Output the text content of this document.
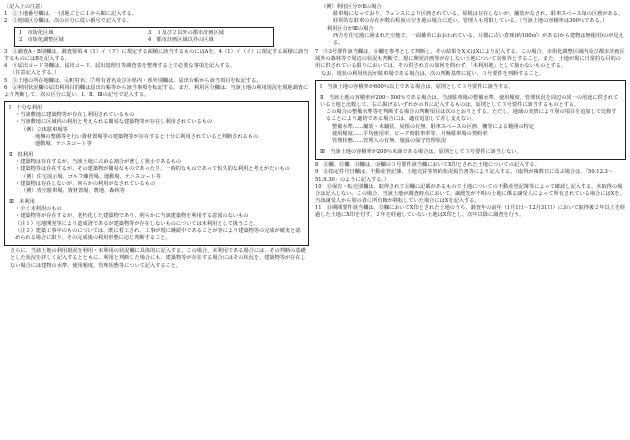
〔記入上の注意〕

1　①土地番号欄は、一団地ごとに１から順に記入する。

2　②地域区分欄は、次の区分に従い番号で記入する。

1　市街化区域	3　１及び２以外の都市計画区域
2　市街化調整区域	4　都市計画区域以外の区域

3　③調査A・B別欄は、調査要領 4（1）イ（ア）に規定する面積に該当するものにはAを、4（1）イ（イ）に規定する面積に該当するものにはBを記入する。

4　④届出コード等欄は、届出コード、届出処理日等調査表を整理する上で必要な事項を記入する。

（任意記入とする。）

5　⑤土地の所在地欄は、⑥町村名、⑦所有者名及び⑧県内・県外別欄は、届出台帳から該当項目を転記する。

6　⑥利用状況欄の届出利用目的欄は届出台帳等から該当事項を転記する。また、利用区分欄は、当該土地の利用現況を現地調査により判断して、次の区分に従い、Ⅰ、Ⅱ、Ⅲの記号で記入する。

Ⅰ　十分な利用

・当該敷地に建築物等が存在し利用されているもの

・当該敷地に区域内の利用と考えられる簡易な建築物等が存在し利用されているもの

（例）立体駐車場等

地盤の整備等を行い資材置場等の建築物等が存在すると十分に利用されていると判断されるもの

運動場、テニスコート等

Ⅱ　低利用

・建築物は存在するが、当該土地に占める割合が著しく狭小であるもの

・建築物等は存在するが、その建築物が簡易なものであったり、一時的なものであって恒久的な利用と考えがたいもの

（例）住宅展示場、ゴルフ練習場、運動場、テニスコート等

・建築物は存在しないが、何らかの利用がなされているもの

（例）青空駐車場、資材置場、農地、森林等

Ⅲ　未利用

・全く未利用のもの

・建築物等が存在するが、老朽化した建築物であり、明らかに当該建築物を利用する意図のないもの

（注１）宅地開発等により造成済であるが建築物等が存在しないものについては未利用として扱うこと。

（注２）建築工事中のものについては、既に着工され、工事が現に継続中であることが等により建築物等の完成が確実と認められる場合に限り、その完成後の利用形態に応じ判断すること。

さらに、当該土地の利用現況を利用・未利用の状況欄に具体的に記入する。この場合、未利用である場合には、その判断の基礎とした状況を詳しく記入するとともに、利用と判断した場合にも、建築物等が存在する場合にはその状況を、建築物等が存在しない場合には建物の水準、使用頻度、管理状態等について記入すること。

（例）利用区分がⅡの場合

駐車場になっており、フェンスにより区画されている。屋根は存在しないが、舗装がなされ、駐車スペース毎の区画がある。経常的な駐車の存在が数台程度の空き地の場合に近い。管理人も常駐している。（当該土地の容積率は300％である。）

利用区分がⅢの場合

西方を住宅地に囲まれた空地で、一面雑草におおわれている。片隅に古い倉庫(約100㎡）がある(から建物は無使用)のが見える。

7　⑨3号要件該当欄は、⑧欄を参考として判断し、その結果をⅩ又はⅩにより記入する。この場合、市街化調整区域内及び都市計画区域外の森林等で周辺の状況も判断で、現に開発計画等が存しない土地について対象外とすること。また、土地が現に日常的な目的の用に供されている限りにおいては、その供され方の如何を問わず、「未利用地」として扱わないものとする。

なお、現状の利用状況が駐車場である場合は、次の判断基準に従い、３号要件を判断すること。

Ⅰ　当該土地の容積率が600％以上である場合は、原則として３号要件に該当する。

Ⅱ　当該土地の容積率が200～500％である場合は、当該駐車場の整備水準、使用頻度、管理状況を周辺の同一の用途に供されている土地と比較して、右に掲げるいずれかのＢに記入するものは、原則として３号要件に該当するものとする。

この場合の整備水準等を判断する場合の判断項目は次のとおりとする。ただし、地域の実情により別の項目を追加して比較することにより適切である場合には、適宜追加して差し支えない。

整備水準……舗装・未舗装、屋根の有無、駐車スペースの区画、柵等による範囲の特定

使用頻度……平均使用率、ピーク時駐車率等、月極駐車場の契約率

管理状態……管理人の有無、施設の保守管理状況

Ⅲ　当該土地の容積率が200％未満である場合は、原則として３号要件に該当しない。

8　⑪欄、⑫欄、⑬欄は、⑩欄の３号要件該当欄においてⅩ印とされた土地についての記入する。

9　⑪指定件号日欄は、不動産登記簿、土地売買等契約状況報告書等により記入する。（取得が複数日に及ぶ場合は、「50.12.3～51.9.30」のように記入する。）

10　⑫保有・転売別欄は、取得されて⑪欄に記載があるもので土地についての不動産登記簿等によって確認し記入する。未取得の場合は記入しない。この場合、当該土地が調査時点において、譲渡先が不明の土地に係る譲受人によって所有されている場合にはⅩを、当該譲受人から別の者に所有権が移転していた場合にはⅩを記入する。

11　⑬期間要件該当欄は、⑫欄においてⅩ印とされた土地のうち、調査年の前年（1月1日～12月31日）において取得後２年以上を経過した土地にⅩ印を付す。２年を経過していない土地はⅩ印とし、次年以降に調査を行う。
